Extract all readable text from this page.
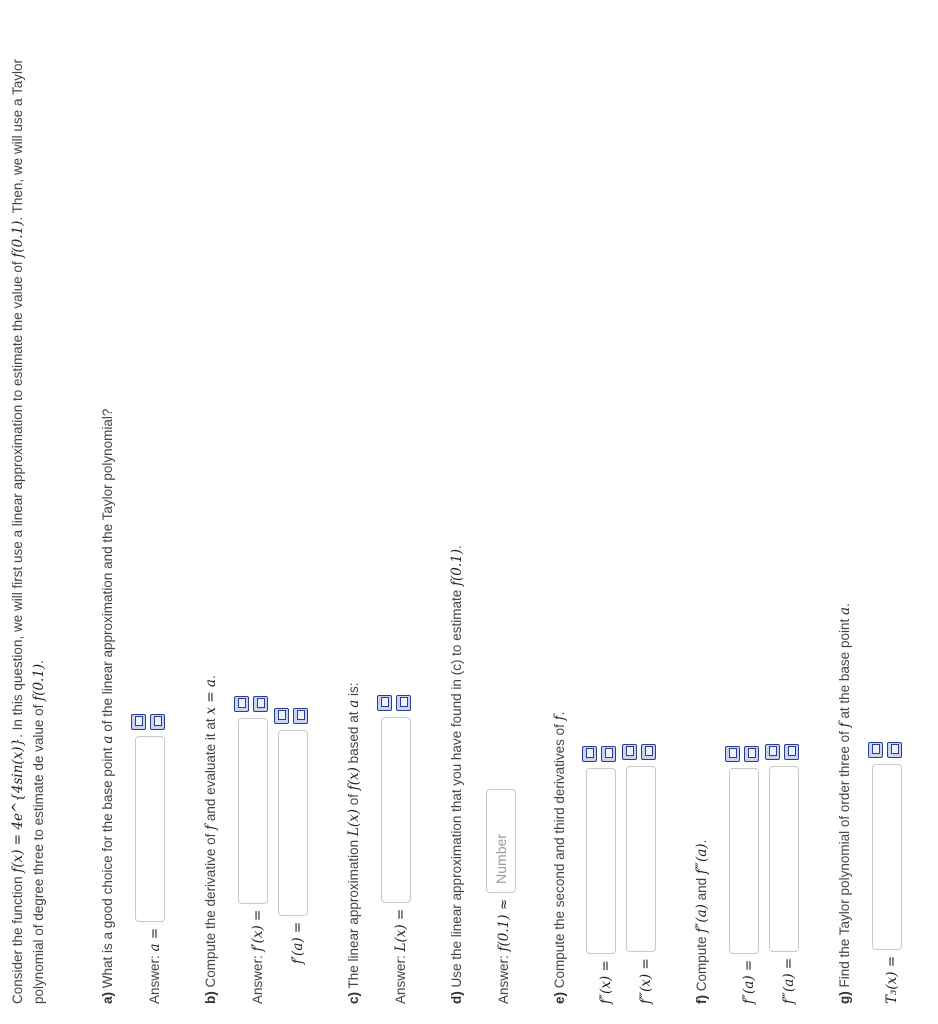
Consider the function f(x) = 4e^{4sin(x)}. In this question, we will first use a linear approximation to estimate the value of f(0.1). Then, we will use a Taylor polynomial of degree three to estimate de value of f(0.1).

a) What is a good choice for the base point a of the linear approximation and the Taylor polynomial?

Answer: a =

b) Compute the derivative of f and evaluate it at x = a.

Answer: f′(x) =	f′(a) =

c) The linear approximation L(x) of f(x) based at a is:

Answer: L(x) =

d) Use the linear approximation that you have found in (c) to estimate f(0.1).

Answer: f(0.1) ≈
Number

e) Compute the second and third derivatives of f.

f″(x) =	f‴(x) =	f) Compute f″(a) and f‴(a).

f″(a) =	f‴(a) =	g) Find the Taylor polynomial of order three of f at the base point a.

T₃(x) =
